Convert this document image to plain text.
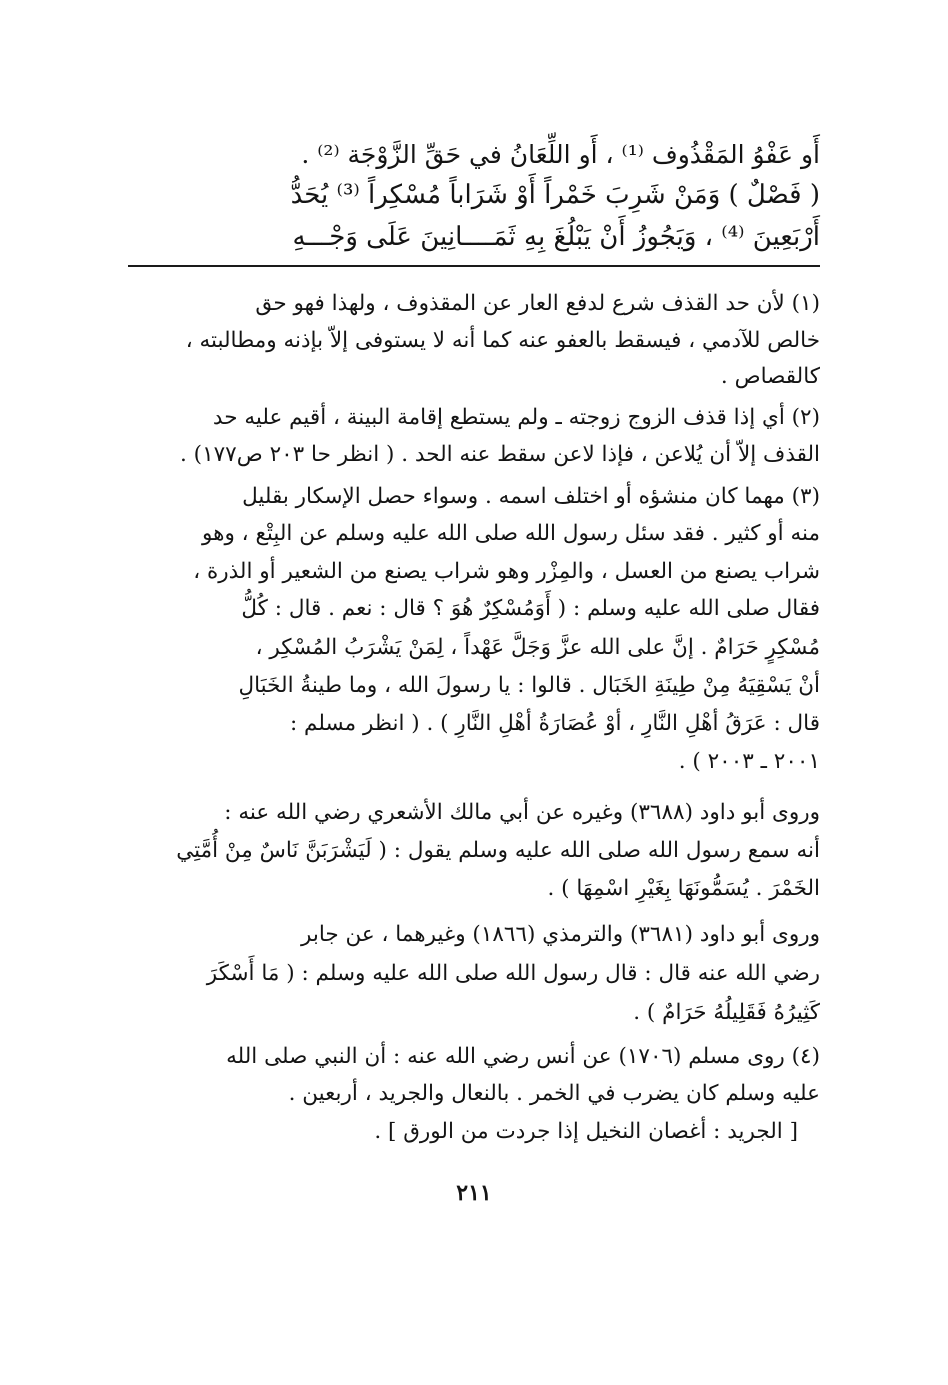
أَو عَفْوُ المَقْذُوف ⁽¹⁾ ، أَو اللِّعَانُ في حَقِّ الزَّوْجَة ⁽²⁾ .
( فَصْلٌ ) وَمَنْ شَرِبَ خَمْراً أَوْ شَرَاباً مُسْكِراً ⁽³⁾ يُحَدُّ
أَرْبَعِينَ ⁽⁴⁾ ، وَيَجُوزُ أَنْ يَبْلُغَ بِهِ ثَمَــــانِينَ عَلَى وَجْـــهِ
(١) لأن حد القذف شرع لدفع العار عن المقذوف ، ولهذا فهو حق
خالص للآدمي ، فيسقط بالعفو عنه كما أنه لا يستوفى إلاّ بإذنه ومطالبته ،
كالقصاص .
(٢) أي إذا قذف الزوج زوجته ـ ولم يستطع إقامة البينة ، أقيم عليه حد
القذف إلاّ أن يُلاعن ، فإذا لاعن سقط عنه الحد . ( انظر حا ٢٠٣ ص١٧٧) .
(٣) مهما كان منشؤه أو اختلف اسمه . وسواء حصل الإسكار بقليل
منه أو كثير . فقد سئل رسول الله صلى الله عليه وسلم عن البِتْع ، وهو
شراب يصنع من العسل ، والمِزْر وهو شراب يصنع من الشعير أو الذرة ،
فقال صلى الله عليه وسلم : ( أَوَمُسْكِرٌ هُوَ ؟ قال : نعم . قال : كُلُّ
مُسْكِرٍ حَرَامٌ . إنَّ على الله عزَّ وَجَلَّ عَهْداً ، لِمَنْ يَشْرَبُ المُسْكِر ،
أنْ يَسْقِيَهُ مِنْ طِينَةِ الخَبَال . قالوا : يا رسولَ الله ، وما طينةُ الخَبَالِ
قال : عَرَقُ أهْلِ النَّارِ ، أوْ عُصَارَةُ أهْلِ النَّارِ ) . ( انظر مسلم :
٢٠٠١ ـ ٢٠٠٣ ) .
وروى أبو داود (٣٦٨٨) وغيره عن أبي مالك الأشعري رضي الله عنه :
أنه سمع رسول الله صلى الله عليه وسلم يقول : ( لَيَشْرَبَنَّ نَاسٌ مِنْ أُمَّتِي
الخَمْرَ . يُسَمُّونَهَا بِغَيْرِ اسْمِهَا ) .
وروى أبو داود (٣٦٨١) والترمذي (١٨٦٦) وغيرهما ، عن جابر
رضي الله عنه قال : قال رسول الله صلى الله عليه وسلم : ( مَا أَسْكَرَ
كَثِيرُهُ فَقَلِيلُهُ حَرَامٌ ) .
(٤) روى مسلم (١٧٠٦) عن أنس رضي الله عنه : أن النبي صلى الله
عليه وسلم كان يضرب في الخمر . بالنعال والجريد ، أربعين .
[ الجريد : أغصان النخيل إذا جردت من الورق ] .
٢١١
